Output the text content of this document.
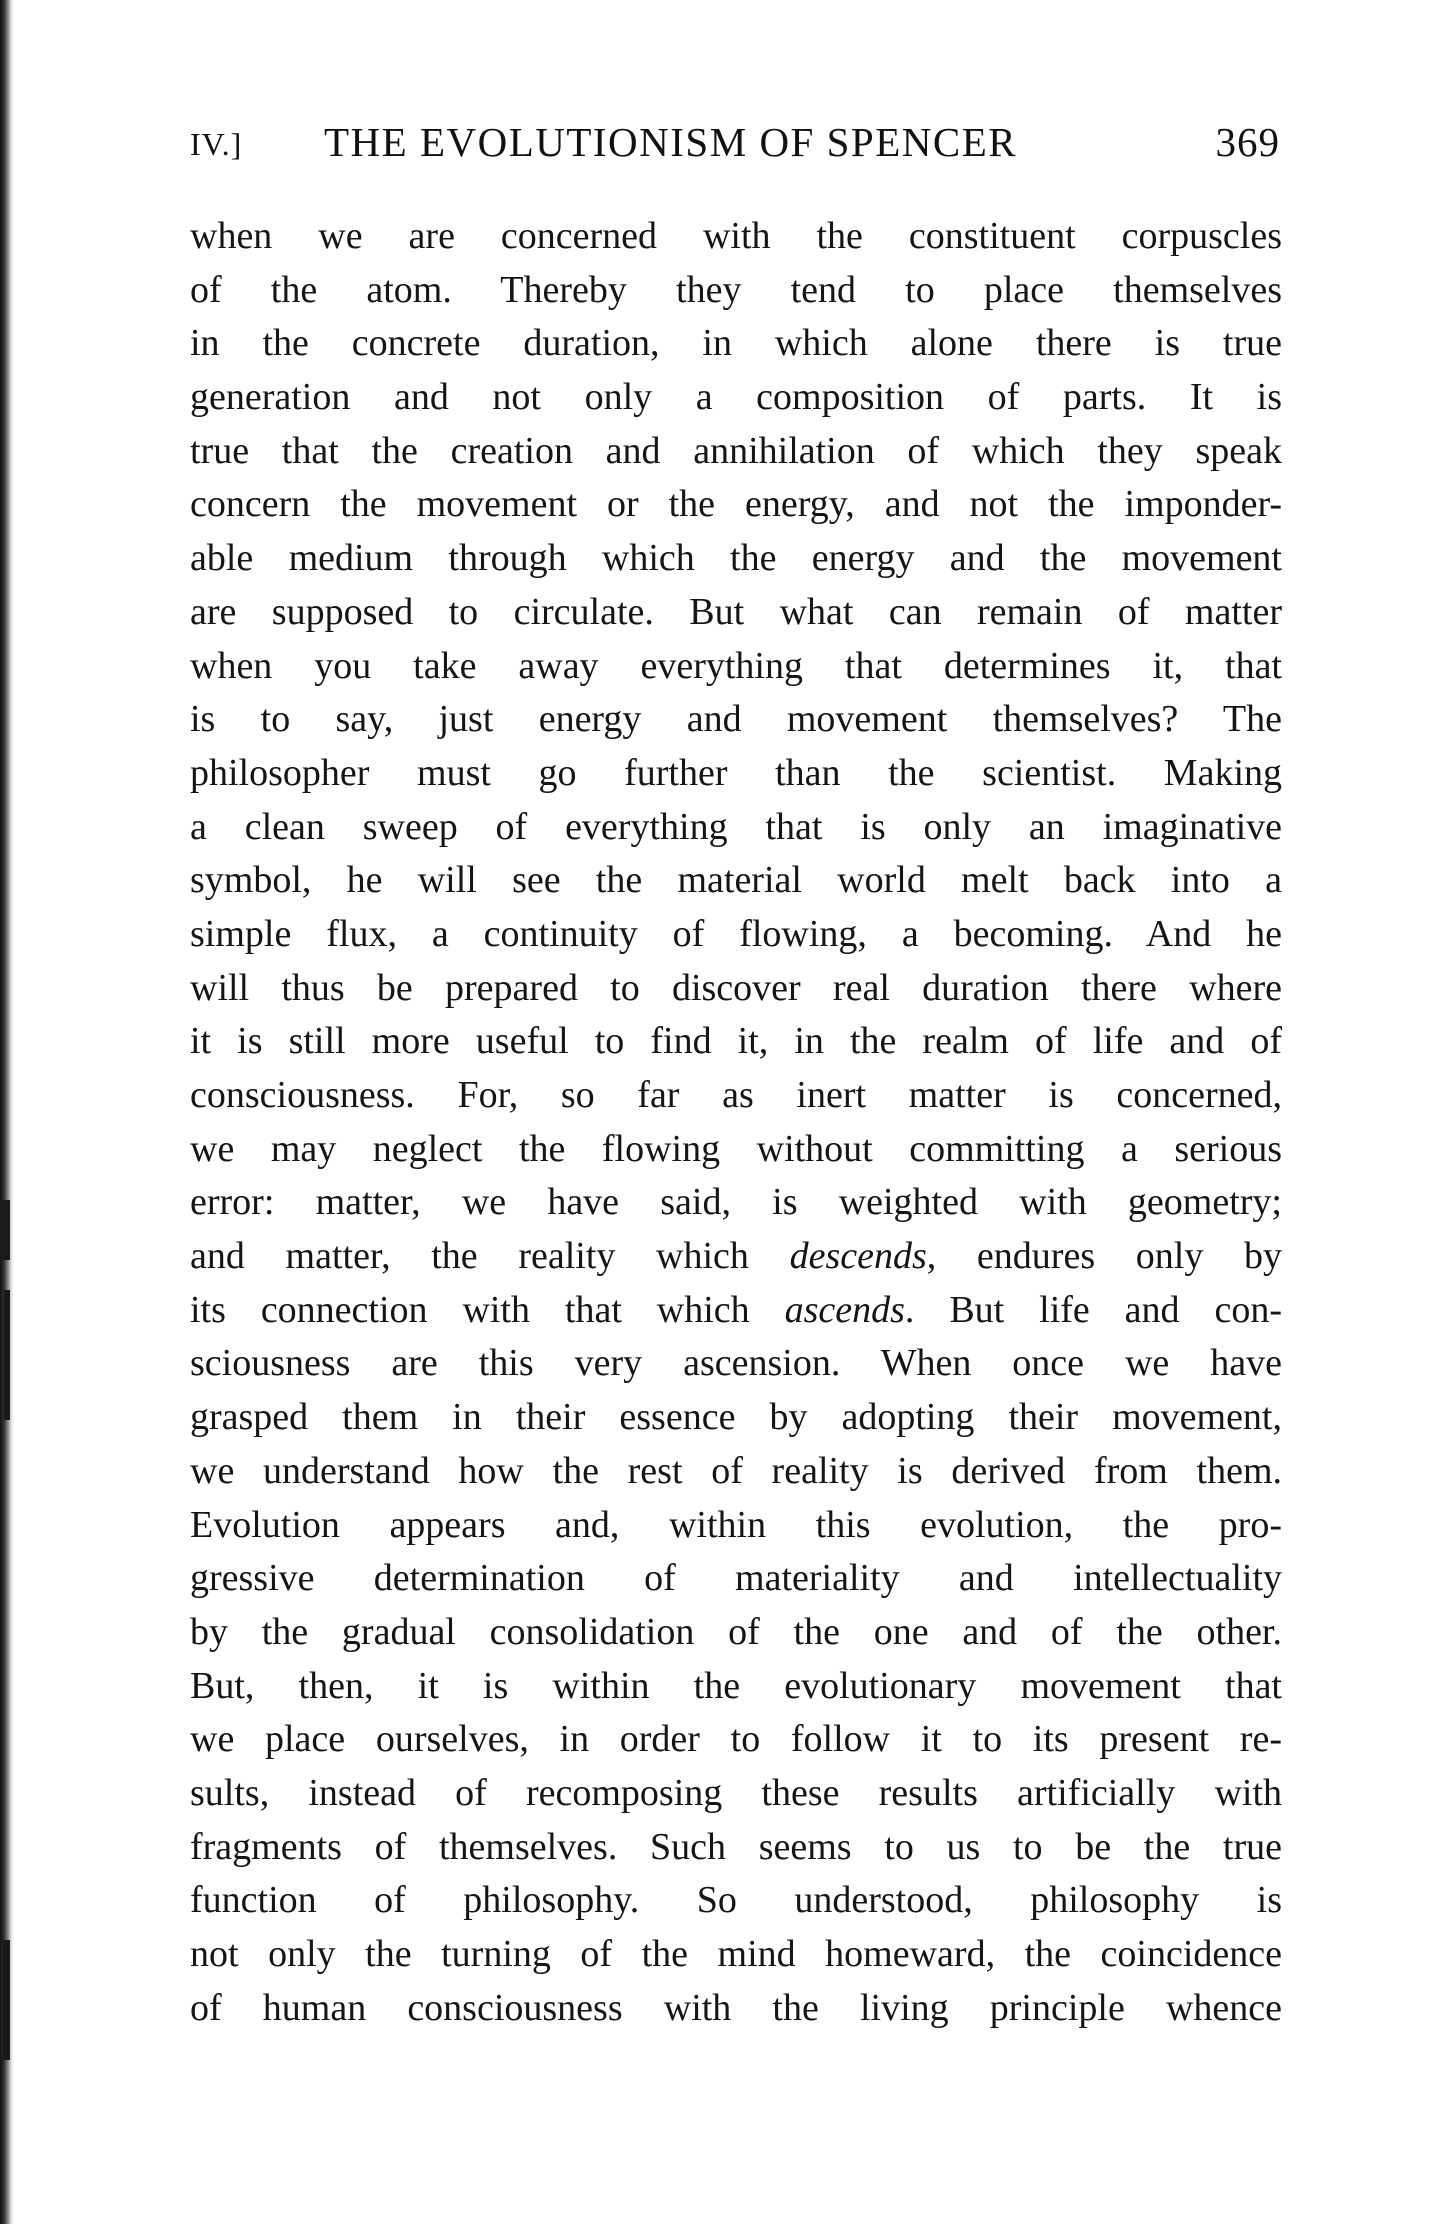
IV.] THE EVOLUTIONISM OF SPENCER	369
when we are concerned with the constituent corpuscles
of the atom. Thereby they tend to place themselves
in the concrete duration, in which alone there is true
generation and not only a composition of parts. It is
true that the creation and annihilation of which they speak
concern the movement or the energy, and not the imponder-
able medium through which the energy and the movement
are supposed to circulate. But what can remain of matter
when you take away everything that determines it, that
is to say, just energy and movement themselves? The
philosopher must go further than the scientist. Making
a clean sweep of everything that is only an imaginative
symbol, he will see the material world melt back into a
simple flux, a continuity of flowing, a becoming. And he
will thus be prepared to discover real duration there where
it is still more useful to find it, in the realm of life and of
consciousness. For, so far as inert matter is concerned,
we may neglect the flowing without committing a serious
error: matter, we have said, is weighted with geometry;
and matter, the reality which descends, endures only by
its connection with that which ascends. But life and con-
sciousness are this very ascension. When once we have
grasped them in their essence by adopting their movement,
we understand how the rest of reality is derived from them.
Evolution appears and, within this evolution, the pro-
gressive determination of materiality and intellectuality
by the gradual consolidation of the one and of the other.
But, then, it is within the evolutionary movement that
we place ourselves, in order to follow it to its present re-
sults, instead of recomposing these results artificially with
fragments of themselves. Such seems to us to be the true
function of philosophy. So understood, philosophy is
not only the turning of the mind homeward, the coincidence
of human consciousness with the living principle whence
